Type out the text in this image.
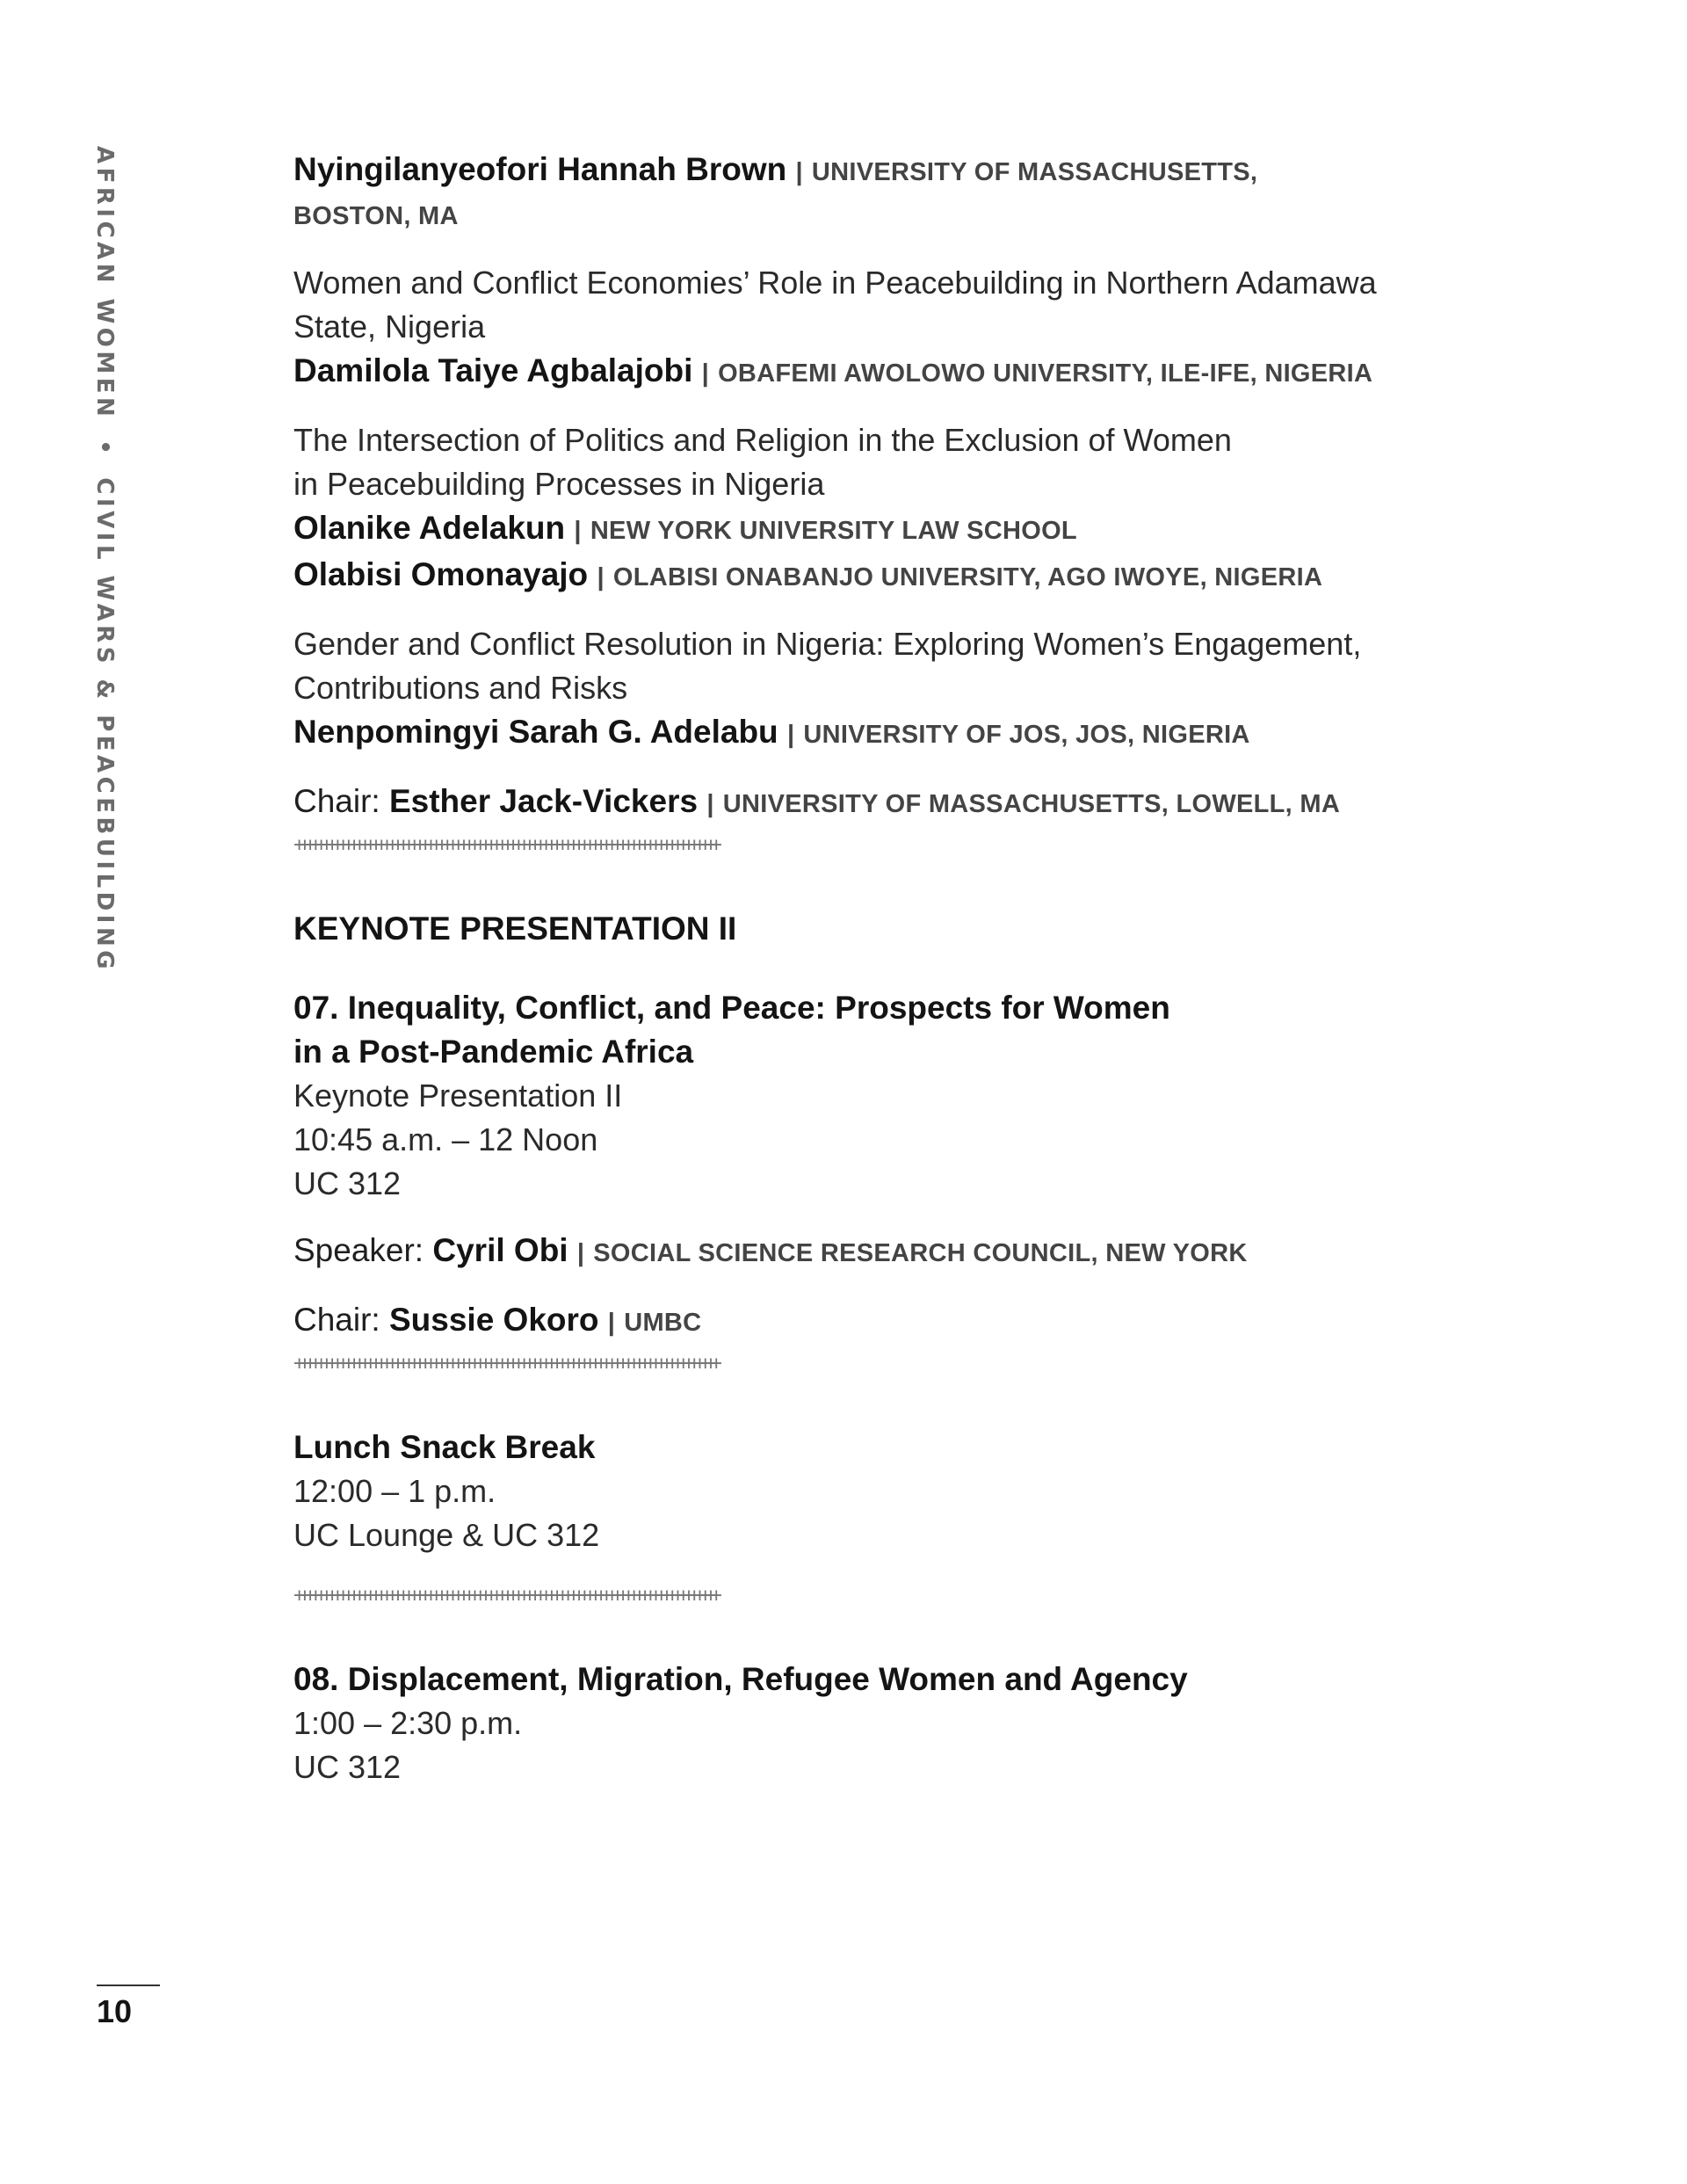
AFRICAN WOMEN•CIVIL WARS & PEACEBUILDING
Nyingilanyeofori Hannah Brown | UNIVERSITY OF MASSACHUSETTS,
BOSTON, MA
Women and Conflict Economies’ Role in Peacebuilding in Northern Adamawa
State, Nigeria
Damilola Taiye Agbalajobi | OBAFEMI AWOLOWO UNIVERSITY, ILE-IFE, NIGERIA
The Intersection of Politics and Religion in the Exclusion of Women
in Peacebuilding Processes in Nigeria
Olanike Adelakun | NEW YORK UNIVERSITY LAW SCHOOL
Olabisi Omonayajo | OLABISI ONABANJO UNIVERSITY, AGO IWOYE, NIGERIA
Gender and Conflict Resolution in Nigeria: Exploring Women’s Engagement,
Contributions and Risks
Nenpomingyi Sarah G. Adelabu | UNIVERSITY OF JOS, JOS, NIGERIA
Chair: Esther Jack-Vickers | UNIVERSITY OF MASSACHUSETTS, LOWELL, MA
+++++++++++++++++++++++++++++++++++++++++++++++++++++++++++++++++++++++++++++
KEYNOTE PRESENTATION II
07. Inequality, Conflict, and Peace: Prospects for Women
in a Post-Pandemic Africa
Keynote Presentation II
10:45 a.m. – 12 Noon
UC 312
Speaker: Cyril Obi | SOCIAL SCIENCE RESEARCH COUNCIL, NEW YORK
Chair: Sussie Okoro | UMBC
+++++++++++++++++++++++++++++++++++++++++++++++++++++++++++++++++++++++++++++
Lunch Snack Break
12:00 – 1 p.m.
UC Lounge & UC 312
+++++++++++++++++++++++++++++++++++++++++++++++++++++++++++++++++++++++++++++
08. Displacement, Migration, Refugee Women and Agency
1:00 – 2:30 p.m.
UC 312
10
